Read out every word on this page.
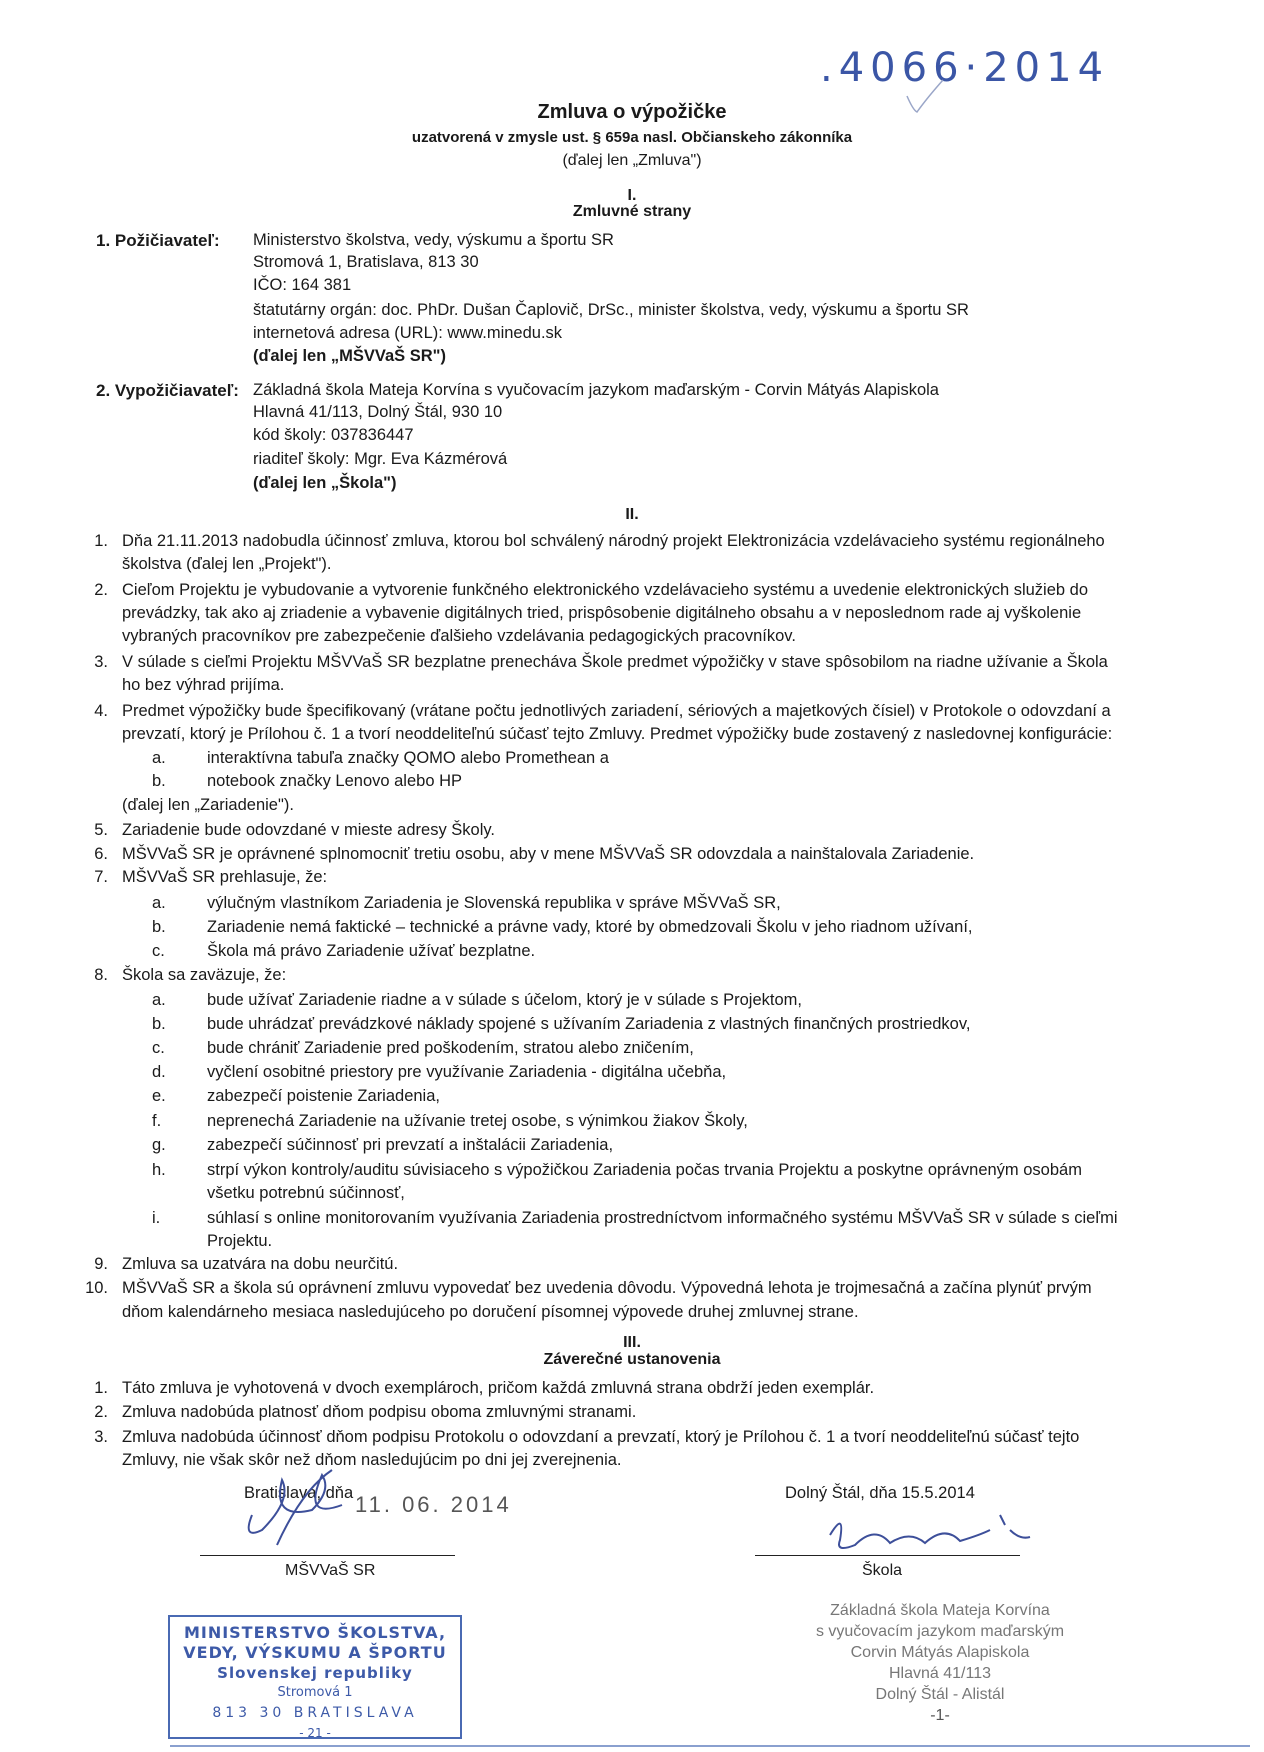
.4066·2014
Zmluva o výpožičke
uzatvorená v zmysle ust. § 659a nasl. Občianskeho zákonníka
(ďalej len „Zmluva")
I.
Zmluvné strany
1. Požičiavateľ: Ministerstvo školstva, vedy, výskumu a športu SR
Stromová 1, Bratislava, 813 30
IČO: 164 381
štatutárny orgán: doc. PhDr. Dušan Čaplovič, DrSc., minister školstva, vedy, výskumu a športu SR
internetová adresa (URL): www.minedu.sk
(ďalej len „MŠVVaŠ SR")
2. Vypožičiavateľ: Základná škola Mateja Korvína s vyučovacím jazykom maďarským - Corvin Mátyás Alapiskola
Hlavná 41/113, Dolný Štál, 930 10
kód školy: 037836447
riaditeľ školy: Mgr. Eva Kázmérová
(ďalej len „Škola")
II.
1. Dňa 21.11.2013 nadobudla účinnosť zmluva, ktorou bol schválený národný projekt Elektronizácia vzdelávacieho systému regionálneho
školstva (ďalej len „Projekt").
2. Cieľom Projektu je vybudovanie a vytvorenie funkčného elektronického vzdelávacieho systému a uvedenie elektronických služieb do
prevádzky, tak ako aj zriadenie a vybavenie digitálnych tried, prispôsobenie digitálneho obsahu a v neposlednom rade aj vyškolenie
vybraných pracovníkov pre zabezpečenie ďalšieho vzdelávania pedagogických pracovníkov.
3. V súlade s cieľmi Projektu MŠVVaŠ SR bezplatne prenecháva Škole predmet výpožičky v stave spôsobilom na riadne užívanie a Škola
ho bez výhrad prijíma.
4. Predmet výpožičky bude špecifikovaný (vrátane počtu jednotlivých zariadení, sériových a majetkových čísiel) v Protokole o odovzdaní a
prevzatí, ktorý je Prílohou č. 1 a tvorí neoddeliteľnú súčasť tejto Zmluvy. Predmet výpožičky bude zostavený z nasledovnej konfigurácie:
a. interaktívna tabuľa značky QOMO alebo Promethean a
b. notebook značky Lenovo alebo HP
(ďalej len „Zariadenie").
5. Zariadenie bude odovzdané v mieste adresy Školy.
6. MŠVVaŠ SR je oprávnené splnomocniť tretiu osobu, aby v mene MŠVVaŠ SR odovzdala a nainštalovala Zariadenie.
7. MŠVVaŠ SR prehlasuje, že:
a. výlučným vlastníkom Zariadenia je Slovenská republika v správe MŠVVaŠ SR,
b. Zariadenie nemá faktické – technické a právne vady, ktoré by obmedzovali Školu v jeho riadnom užívaní,
c.	Škola má právo Zariadenie užívať bezplatne.
8. Škola sa zaväzuje, že:
a. bude užívať Zariadenie riadne a v súlade s účelom, ktorý je v súlade s Projektom,
b. bude uhrádzať prevádzkové náklady spojené s užívaním Zariadenia z vlastných finančných prostriedkov,
c.	bude chrániť Zariadenie pred poškodením, stratou alebo zničením,
d. vyčlení osobitné priestory pre využívanie Zariadenia - digitálna učebňa,
e. zabezpečí poistenie Zariadenia,
f.	neprenechá Zariadenie na užívanie tretej osobe, s výnimkou žiakov Školy,
g. zabezpečí súčinnosť pri prevzatí a inštalácii Zariadenia,
h. strpí výkon kontroly/auditu súvisiaceho s výpožičkou Zariadenia počas trvania Projektu a poskytne oprávneným osobám
všetku potrebnú súčinnosť,
i.	súhlasí s online monitorovaním využívania Zariadenia prostredníctvom informačného systému MŠVVaŠ SR v súlade s cieľmi
Projektu.
9. Zmluva sa uzatvára na dobu neurčitú.
10. MŠVVaŠ SR a škola sú oprávnení zmluvu vypovedať bez uvedenia dôvodu. Výpovedná lehota je trojmesačná a začína plynúť prvým
dňom kalendárneho mesiaca nasledujúceho po doručení písomnej výpovede druhej zmluvnej strane.
III.
Záverečné ustanovenia
1. Táto zmluva je vyhotovená v dvoch exemplároch, pričom každá zmluvná strana obdrží jeden exemplár.
2. Zmluva nadobúda platnosť dňom podpisu oboma zmluvnými stranami.
3. Zmluva nadobúda účinnosť dňom podpisu Protokolu o odovzdaní a prevzatí, ktorý je Prílohou č. 1 a tvorí neoddeliteľnú súčasť tejto
Zmluvy, nie však skôr než dňom nasledujúcim po dni jej zverejnenia.
Bratislava, dňa 11. 06. 2014
MŠVVaŠ SR
Dolný Štál, dňa 15.5.2014
Škola
MINISTERSTVO ŠKOLSTVA,
VEDY, VÝSKUMU A ŠPORTU
Slovenskej republiky
Stromová 1
813 30 BRATISLAVA
- 21 -
Základná škola Mateja Korvína
s vyučovacím jazykom maďarským
Corvin Mátyás Alapiskola
Hlavná 41/113
Dolný Štál - Alistál
-1-
